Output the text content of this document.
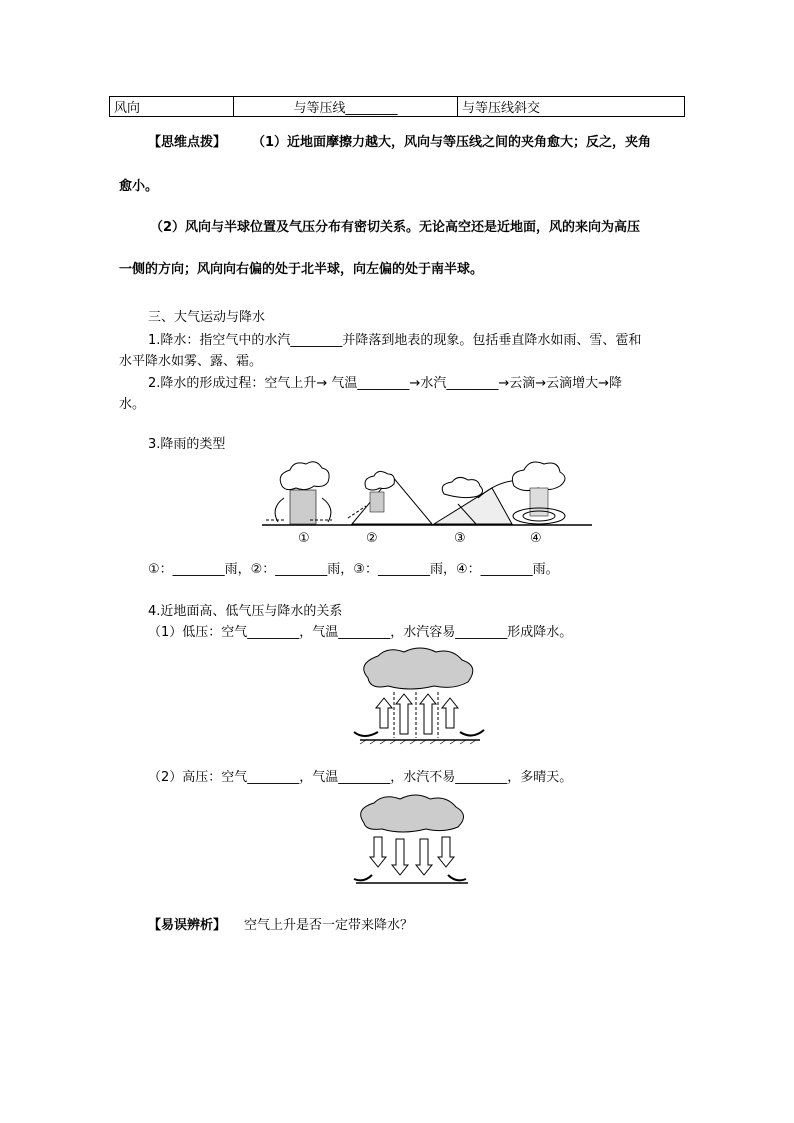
风向	与等压线________	与等压线斜交
【思维点拨】 （1）近地面摩擦力越大，风向与等压线之间的夹角愈大；反之，夹角
愈小。
（2）风向与半球位置及气压分布有密切关系。无论高空还是近地面，风的来向为高压
一侧的方向；风向向右偏的处于北半球，向左偏的处于南半球。
三、大气运动与降水
1.降水：指空气中的水汽________并降落到地表的现象。包括垂直降水如雨、雪、雹和
水平降水如雾、露、霜。
2.降水的形成过程：空气上升→ 气温________→水汽________→云滴→云滴增大→降
水。
3.降雨的类型
①	②	③	④
①：________雨，②：________雨，③：________雨，④：________雨。
4.近地面高、低气压与降水的关系
（1）低压：空气________，气温________，水汽容易________形成降水。
（2）高压：空气________，气温________，水汽不易________，多晴天。
【易误辨析】 空气上升是否一定带来降水？
